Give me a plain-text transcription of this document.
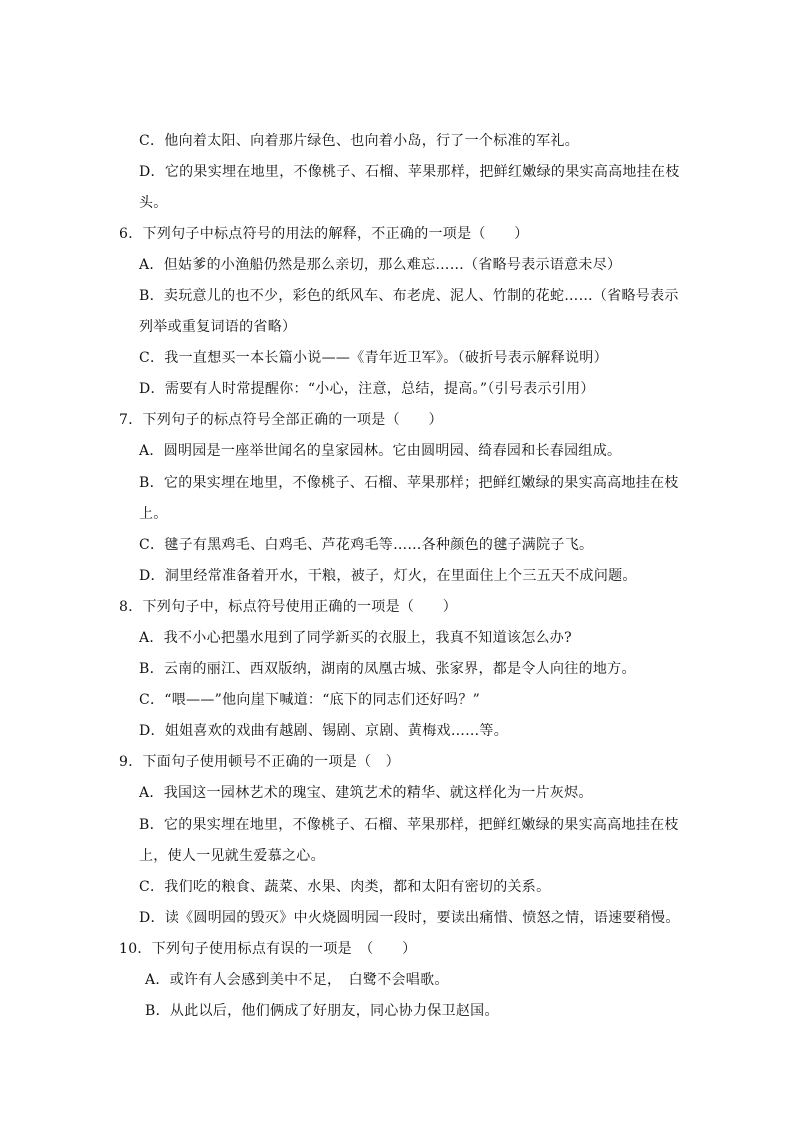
C．他向着太阳、向着那片绿色、也向着小岛，行了一个标准的军礼。
D．它的果实埋在地里，不像桃子、石榴、苹果那样，把鲜红嫩绿的果实高高地挂在枝
头。
6．下列句子中标点符号的用法的解释，不正确的一项是（　　）
A．但姑爹的小渔船仍然是那么亲切，那么难忘……（省略号表示语意未尽）
B．卖玩意儿的也不少，彩色的纸风车、布老虎、泥人、竹制的花蛇……（省略号表示
列举或重复词语的省略）
C．我一直想买一本长篇小说——《青年近卫军》。（破折号表示解释说明）
D．需要有人时常提醒你：“小心，注意，总结，提高。”（引号表示引用）
7．下列句子的标点符号全部正确的一项是（　　）
A．圆明园是一座举世闻名的皇家园林。它由圆明园、绮春园和长春园组成。
B．它的果实埋在地里，不像桃子、石榴、苹果那样；把鲜红嫩绿的果实高高地挂在枝
上。
C．毽子有黑鸡毛、白鸡毛、芦花鸡毛等……各种颜色的毽子满院子飞。
D．洞里经常准备着开水，干粮，被子，灯火，在里面住上个三五天不成问题。
8．下列句子中，标点符号使用正确的一项是（　　）
A．我不小心把墨水甩到了同学新买的衣服上，我真不知道该怎么办?
B．云南的丽江、西双版纳，湖南的凤凰古城、张家界，都是令人向往的地方。
C．“喂——”他向崖下喊道：“底下的同志们还好吗？”
D．姐姐喜欢的戏曲有越剧、锡剧、京剧、黄梅戏……等。
9．下面句子使用顿号不正确的一项是（　）
A．我国这一园林艺术的瑰宝、建筑艺术的精华、就这样化为一片灰烬。
B．它的果实埋在地里，不像桃子、石榴、苹果那样，把鲜红嫩绿的果实高高地挂在枝
上，使人一见就生爱慕之心。
C．我们吃的粮食、蔬菜、水果、肉类，都和太阳有密切的关系。
D．读《圆明园的毁灭》中火烧圆明园一段时，要读出痛惜、愤怒之情，语速要稍慢。
10．下列句子使用标点有误的一项是　（　　）
A．或许有人会感到美中不足，　白鹭不会唱歌。
B．从此以后，他们俩成了好朋友，同心协力保卫赵国。
